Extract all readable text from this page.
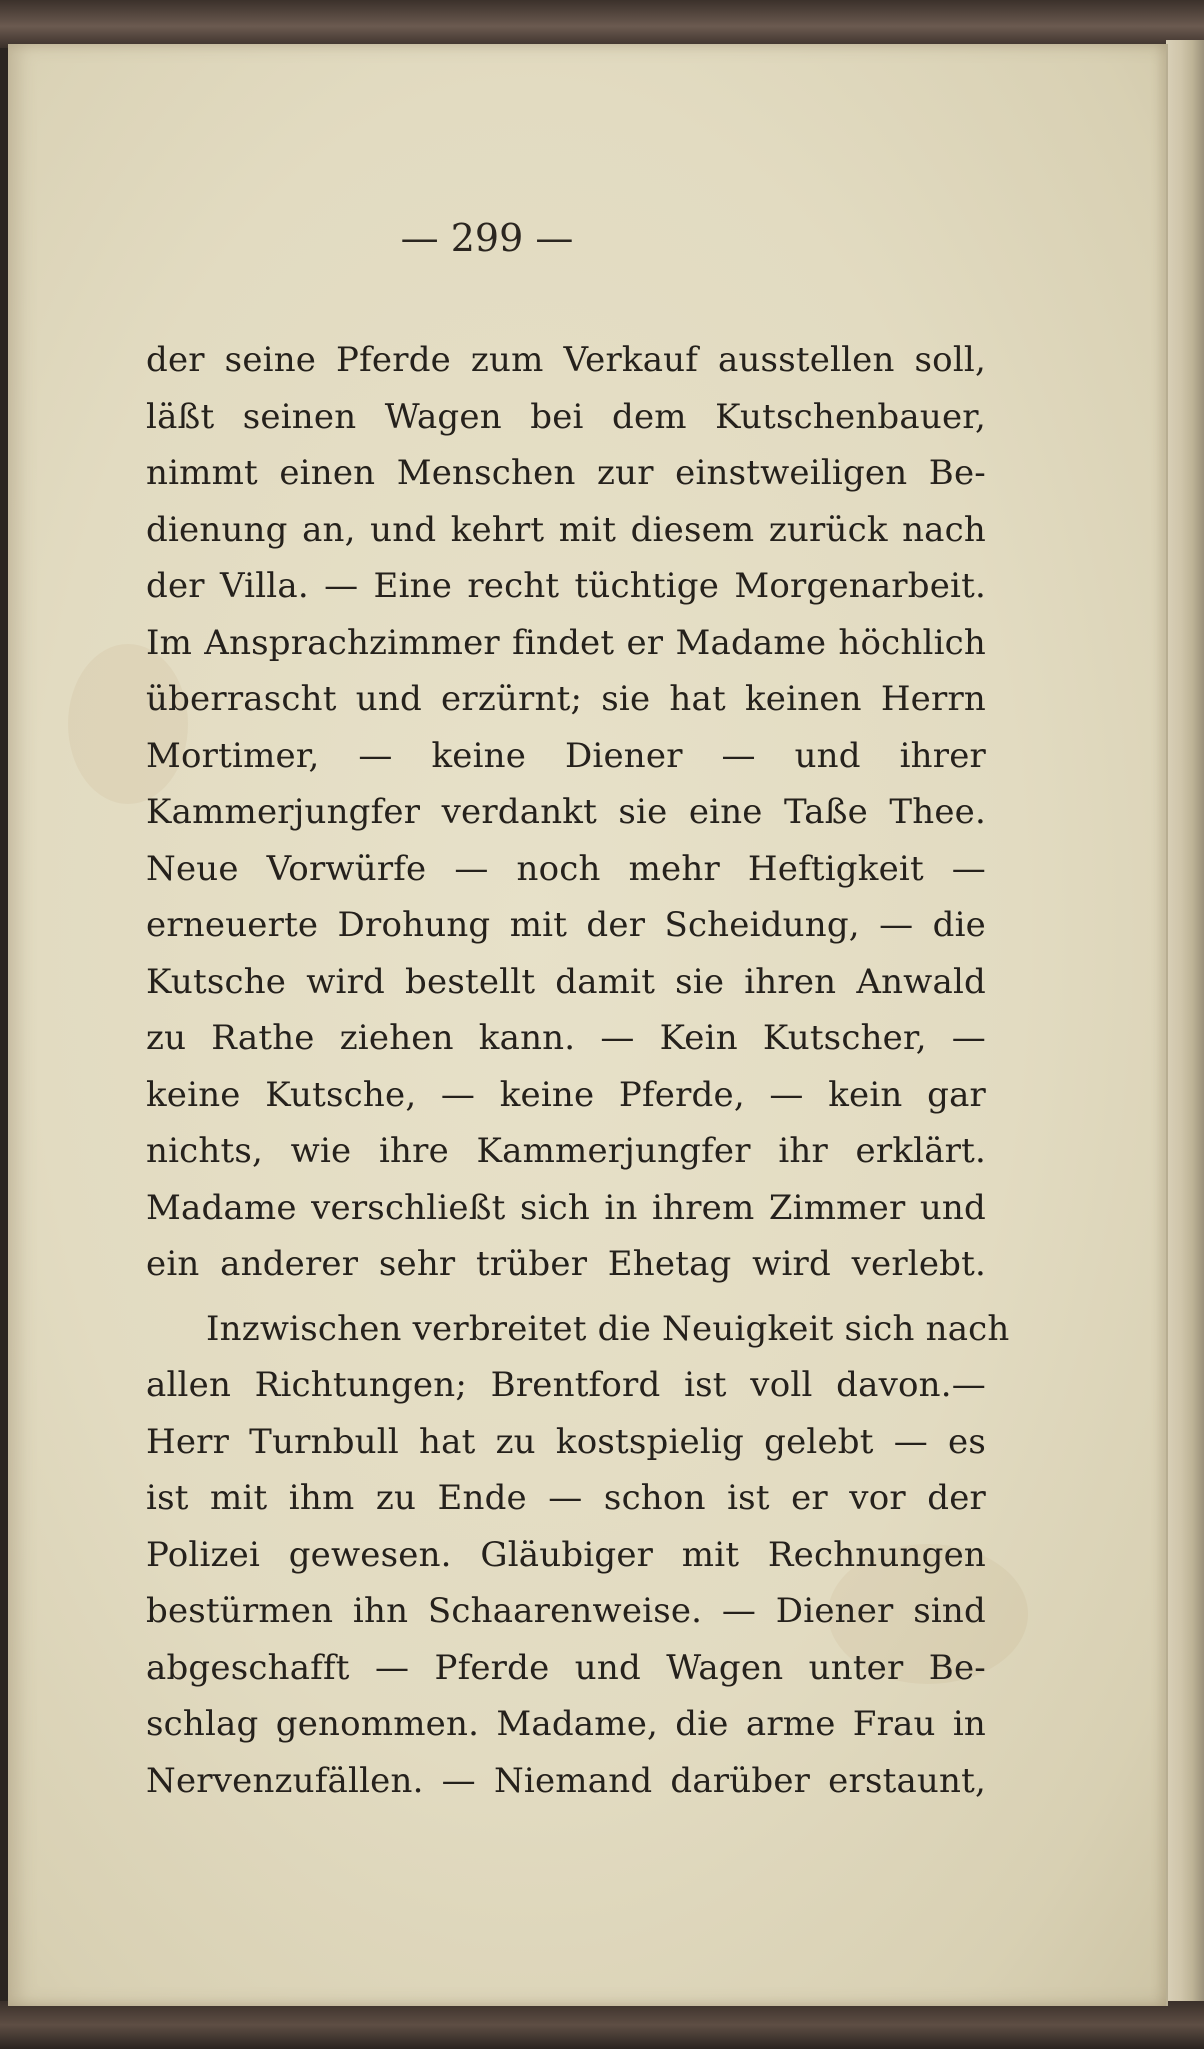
— 299 —
der seine Pferde zum Verkauf ausstellen soll,
läßt seinen Wagen bei dem Kutschenbauer,
nimmt einen Menschen zur einstweiligen Be-
dienung an, und kehrt mit diesem zurück nach
der Villa. — Eine recht tüchtige Morgenarbeit.
Im Ansprachzimmer findet er Madame höchlich
überrascht und erzürnt; sie hat keinen Herrn
Mortimer, — keine Diener — und ihrer
Kammerjungfer verdankt sie eine Taße Thee.
Neue Vorwürfe — noch mehr Heftigkeit —
erneuerte Drohung mit der Scheidung, — die
Kutsche wird bestellt damit sie ihren Anwald
zu Rathe ziehen kann. — Kein Kutscher, —
keine Kutsche, — keine Pferde, — kein gar
nichts, wie ihre Kammerjungfer ihr erklärt.
Madame verschließt sich in ihrem Zimmer und
ein anderer sehr trüber Ehetag wird verlebt.
Inzwischen verbreitet die Neuigkeit sich nach
allen Richtungen; Brentford ist voll davon.—
Herr Turnbull hat zu kostspielig gelebt — es
ist mit ihm zu Ende — schon ist er vor der
Polizei gewesen. Gläubiger mit Rechnungen
bestürmen ihn Schaarenweise. — Diener sind
abgeschafft — Pferde und Wagen unter Be-
schlag genommen. Madame, die arme Frau in
Nervenzufällen. — Niemand darüber erstaunt,
